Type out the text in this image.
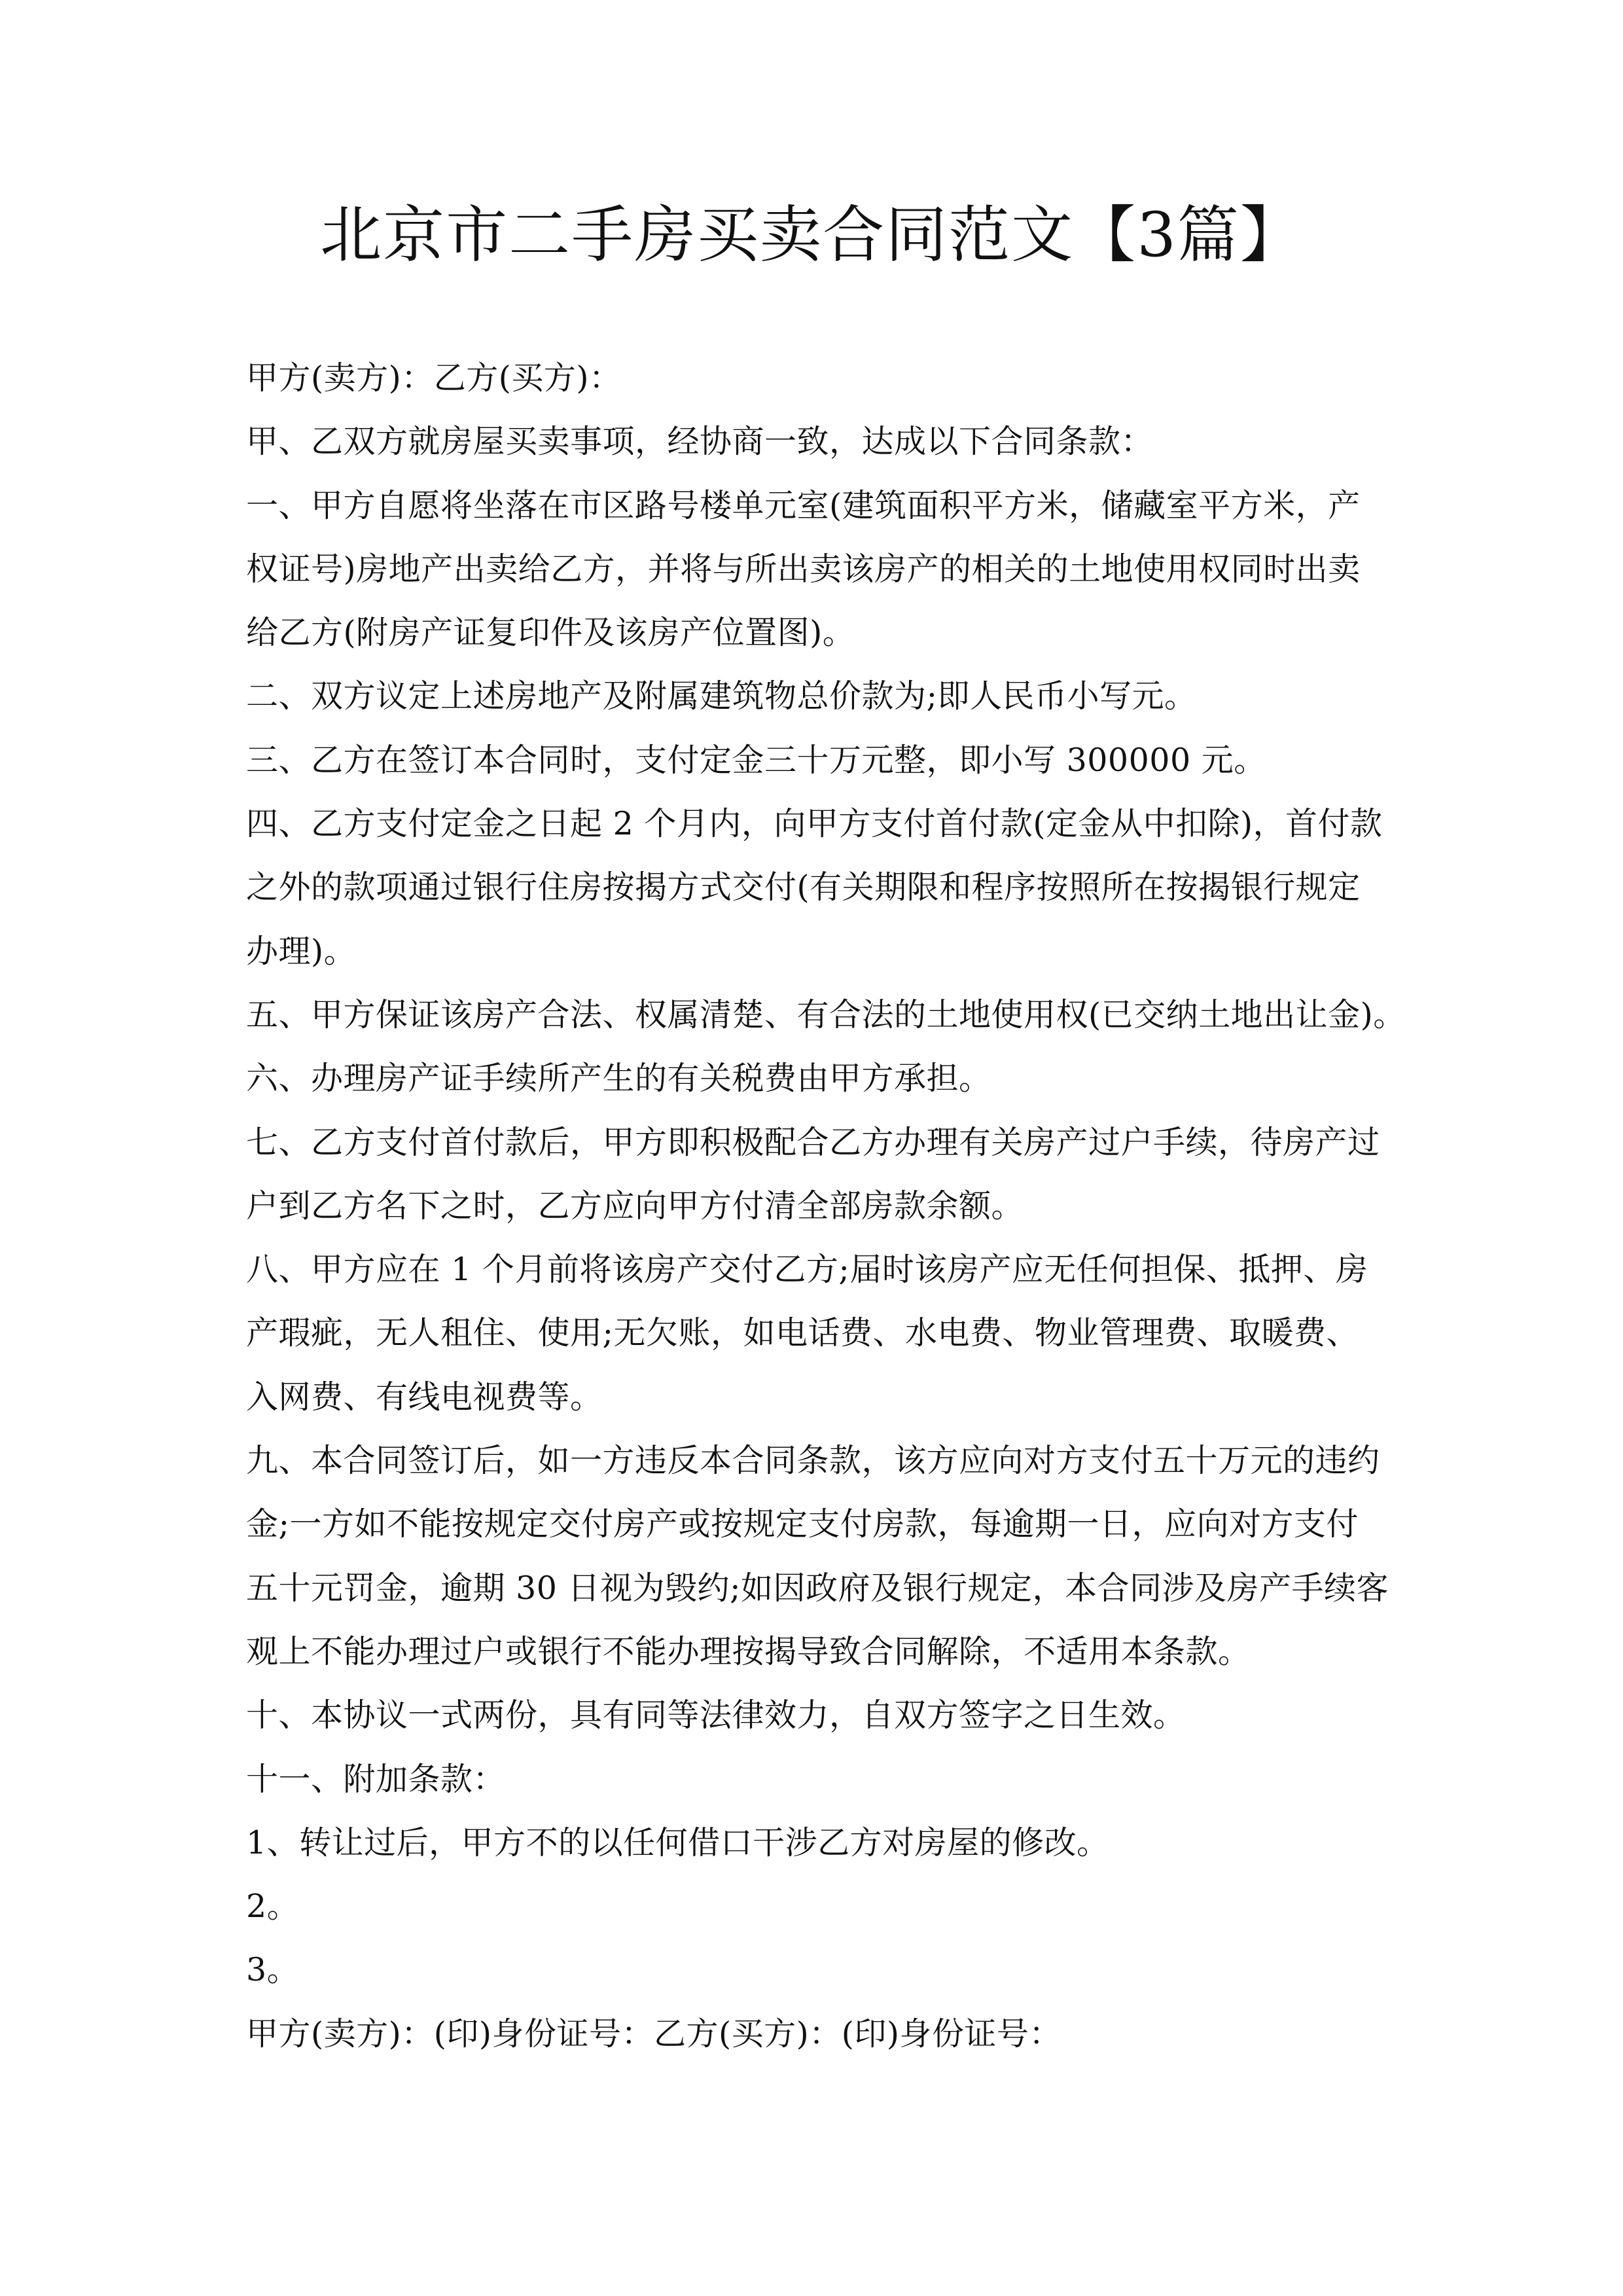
北京市二手房买卖合同范文【3篇】
甲方(卖方)：乙方(买方)：
甲、乙双方就房屋买卖事项，经协商一致，达成以下合同条款：
一、甲方自愿将坐落在市区路号楼单元室(建筑面积平方米，储藏室平方米，产
权证号)房地产出卖给乙方，并将与所出卖该房产的相关的土地使用权同时出卖
给乙方(附房产证复印件及该房产位置图)。
二、双方议定上述房地产及附属建筑物总价款为;即人民币小写元。
三、乙方在签订本合同时，支付定金三十万元整，即小写 300000 元。
四、乙方支付定金之日起 2 个月内，向甲方支付首付款(定金从中扣除)，首付款
之外的款项通过银行住房按揭方式交付(有关期限和程序按照所在按揭银行规定
办理)。
五、甲方保证该房产合法、权属清楚、有合法的土地使用权(已交纳土地出让金)。
六、办理房产证手续所产生的有关税费由甲方承担。
七、乙方支付首付款后，甲方即积极配合乙方办理有关房产过户手续，待房产过
户到乙方名下之时，乙方应向甲方付清全部房款余额。
八、甲方应在 1 个月前将该房产交付乙方;届时该房产应无任何担保、抵押、房
产瑕疵，无人租住、使用;无欠账，如电话费、水电费、物业管理费、取暖费、
入网费、有线电视费等。
九、本合同签订后，如一方违反本合同条款，该方应向对方支付五十万元的违约
金;一方如不能按规定交付房产或按规定支付房款，每逾期一日，应向对方支付
五十元罚金，逾期 30 日视为毁约;如因政府及银行规定，本合同涉及房产手续客
观上不能办理过户或银行不能办理按揭导致合同解除，不适用本条款。
十、本协议一式两份，具有同等法律效力，自双方签字之日生效。
十一、附加条款：
1、转让过后，甲方不的以任何借口干涉乙方对房屋的修改。
2。
3。
甲方(卖方)：(印)身份证号：乙方(买方)：(印)身份证号：
